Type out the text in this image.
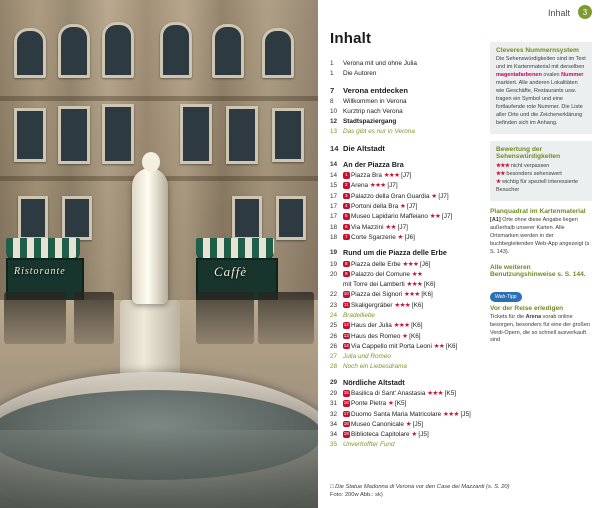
Caffè
Ristorante
Inhalt	3
Inhalt
1	Verona mit und ohne Julia
1	Die Autoren
7	Verona entdecken
8	Willkommen in Verona
10 Kurztrip nach Verona
12 Stadtspaziergang
13 Das gibt es nur in Verona
14 Die Altstadt
14 An der Piazza Bra
14	1 Piazza Bra ★★★ [J7]
15	2 Arena ★★★ [J7]
17	3 Palazzo della Gran Guardia ★ [J7]
17	4 Portoni della Bra ★ [J7]
17	5 Museo Lapidario Maffeiano ★★ [J7]
18	6 Via Mazzini ★★ [J7]
18	7 Corte Sgarzerie ★ [J6]
19 Rund um die Piazza delle Erbe
19	8 Piazza delle Erbe ★★★ [J6]
20	9 Palazzo del Comune ★★
mit Torre dei Lamberti ★★★ [K6]
22	10 Piazza dei Signori ★★★ [K6]
23	11 Skaligergräber ★★★ [K6]
24 Bradelliebe
25	12 Haus der Julia ★★★ [K6]
26	13 Haus des Romeo ★ [K6]
26	14 Via Cappello mit Porta Leoni ★★ [K6]
27 Julia und Romeo
28 Noch ein Liebesdrama
29 Nördliche Altstadt
29	15 Basilica di Sant' Anastasia ★★★ [K5]
31	16 Ponte Pietra ★ [K5]
32	17 Duomo Santa Maria Matricolare ★★★ [J5]
34	18 Museo Canonicale ★ [J5]
34	19 Biblioteca Capitolare ★ [J5]
35 Unverhoffter Fund
Cleveres Nummernsystem

Die Sehenswürdigkeiten sind im Text und im Kartenmaterial mit derselben magentafarbenen ovalen Nummer markiert. Alle anderen Lokalitäten wie Geschäfte, Restaurants usw. tragen ein Symbol und eine fortlaufende rote Nummer. Die Liste aller Orte und die Zeichenerklärung befinden sich im Anhang.

Bewertung der Sehenswürdigkeiten
★★★ nicht verpassen
★★ besonders sehenswert
★ wichtig für speziell interessierte Besucher
Planquadrat im Kartenmaterial

[A1] Orte ohne diese Angabe liegen außerhalb unserer Karten. Alle Ortsmarken werden in der buchbegleitenden Web-App angezeigt (s. S. 143).

Alle weiteren Benutzungshinweise s. S. 144.
Web-Tipp
Vor der Reise erledigen

Tickets für die Arena vorab online besorgen, besonders für eine der großen Verdi-Opern, die so schnell ausverkauft sind

□ Die Statue Madonna di Verona vor den Case dei Mazzanti (s. S. 20)
Foto: 200w Abb.: sk)
